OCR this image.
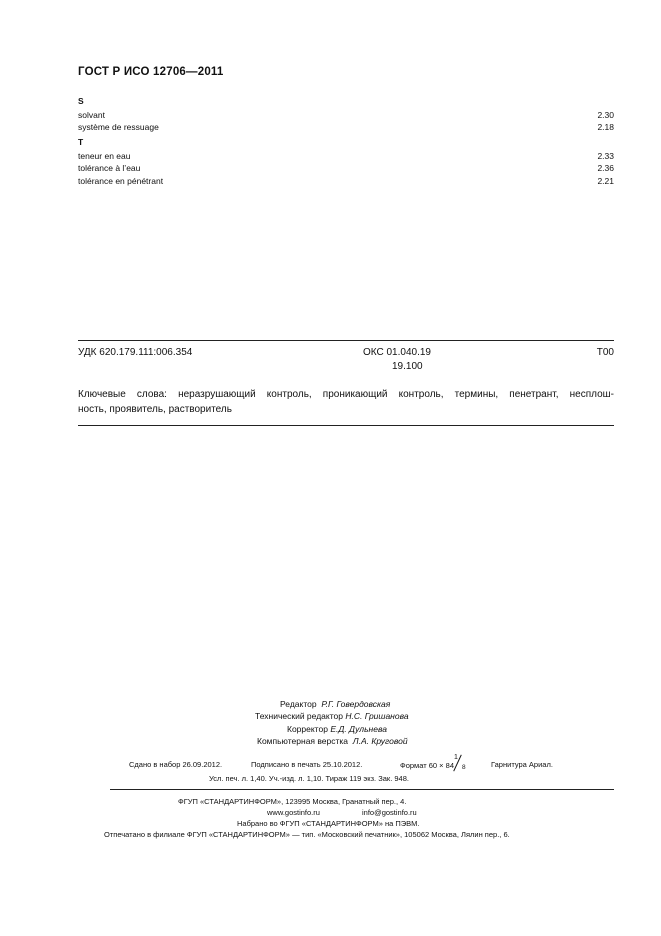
ГОСТ Р ИСО 12706—2011
S
solvant	2.30
système de ressuage	2.18
T
teneur en eau	2.33
tolérance à l’eau	2.36
tolérance en pénétrant	2.21
УДК 620.179.111:006.354	ОКС 01.040.19
19.100
Т00
Ключевые слова: неразрушающий контроль, проникающий контроль, термины, пенетрант, несплош-
ность, проявитель, растворитель
Редактор Р.Г. Говердовская
Технический редактор Н.С. Гришанова
Корректор Е.Д. Дульнева
Компьютерная верстка Л.А. Круговой
Сдано в набор 26.09.2012.	Подписано в печать 25.10.2012.	Формат 60 × 84
1
8	Гарнитура Ариал.
Усл. печ. л. 1,40. Уч.-изд. л. 1,10. Тираж 119 экз. Зак. 948.
ФГУП «СТАНДАРТИНФОРМ», 123995 Москва, Гранатный пер., 4.
www.gostinfo.ru	info@gostinfo.ru
Набрано во ФГУП «СТАНДАРТИНФОРМ» на ПЭВМ.
Отпечатано в филиале ФГУП «СТАНДАРТИНФОРМ» — тип. «Московский печатник», 105062 Москва, Лялин пер., 6.
